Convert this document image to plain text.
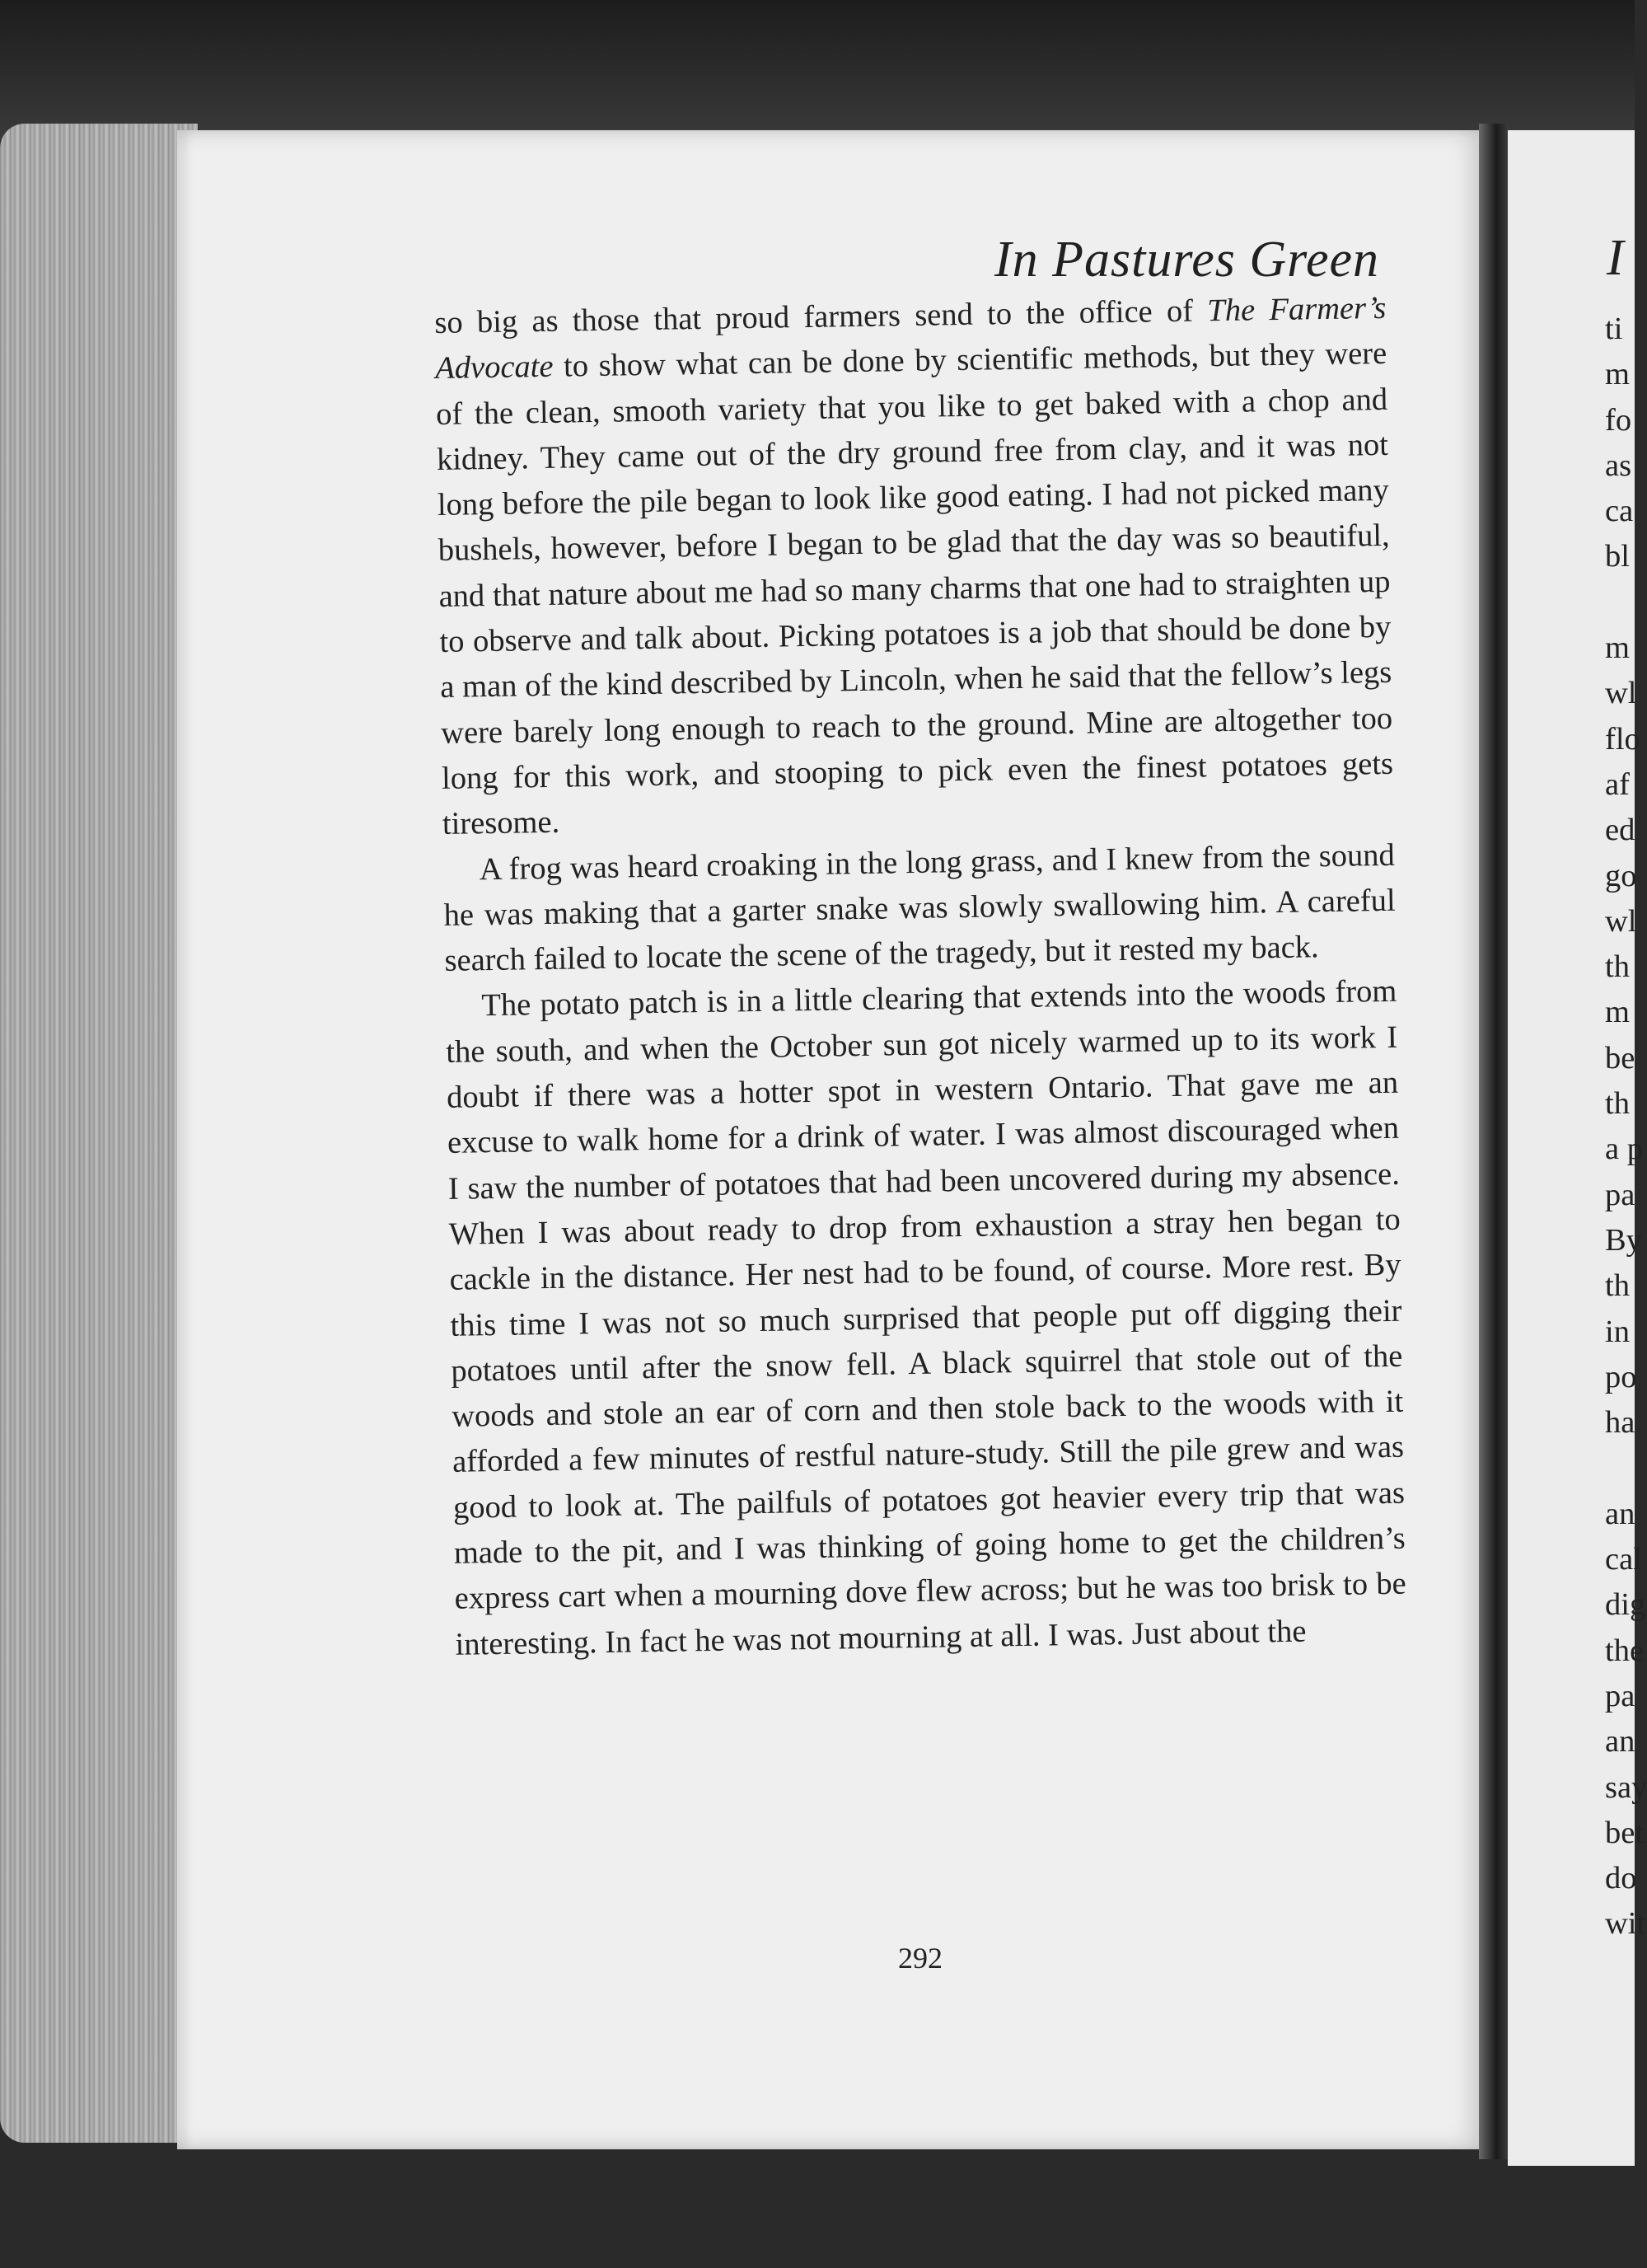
In Pastures Green

so big as those that proud farmers send to the office of The Farmer’s Advocate to show what can be done by scientific methods, but they were of the clean, smooth variety that you like to get baked with a chop and kidney. They came out of the dry ground free from clay, and it was not long before the pile began to look like good eating. I had not picked many bushels, however, before I began to be glad that the day was so beautiful, and that nature about me had so many charms that one had to straighten up to observe and talk about. Picking potatoes is a job that should be done by a man of the kind described by Lincoln, when he said that the fellow’s legs were barely long enough to reach to the ground. Mine are altogether too long for this work, and stooping to pick even the finest potatoes gets tiresome.

A frog was heard croaking in the long grass, and I knew from the sound he was making that a garter snake was slowly swallowing him. A careful search failed to locate the scene of the tragedy, but it rested my back.

The potato patch is in a little clearing that extends into the woods from the south, and when the October sun got nicely warmed up to its work I doubt if there was a hotter spot in western Ontario. That gave me an excuse to walk home for a drink of water. I was almost discouraged when I saw the number of potatoes that had been uncovered during my absence. When I was about ready to drop from exhaustion a stray hen began to cackle in the distance. Her nest had to be found, of course. More rest. By this time I was not so much surprised that people put off digging their potatoes until after the snow fell. A black squirrel that stole out of the woods and stole an ear of corn and then stole back to the woods with it afforded a few minutes of restful nature-study. Still the pile grew and was good to look at. The pailfuls of potatoes got heavier every trip that was made to the pit, and I was thinking of going home to get the children’s express cart when a mourning dove flew across; but he was too brisk to be interesting. In fact he was not mourning at all. I was. Just about the

292
I
ti
m
fo
as
ca
bl
m
wl
flo
af
ed
go
wl
th
m
be
th
a p
pa
By
th
in
po
ha
an
cal
dig
the
pa
an
say
bet
do
wit
